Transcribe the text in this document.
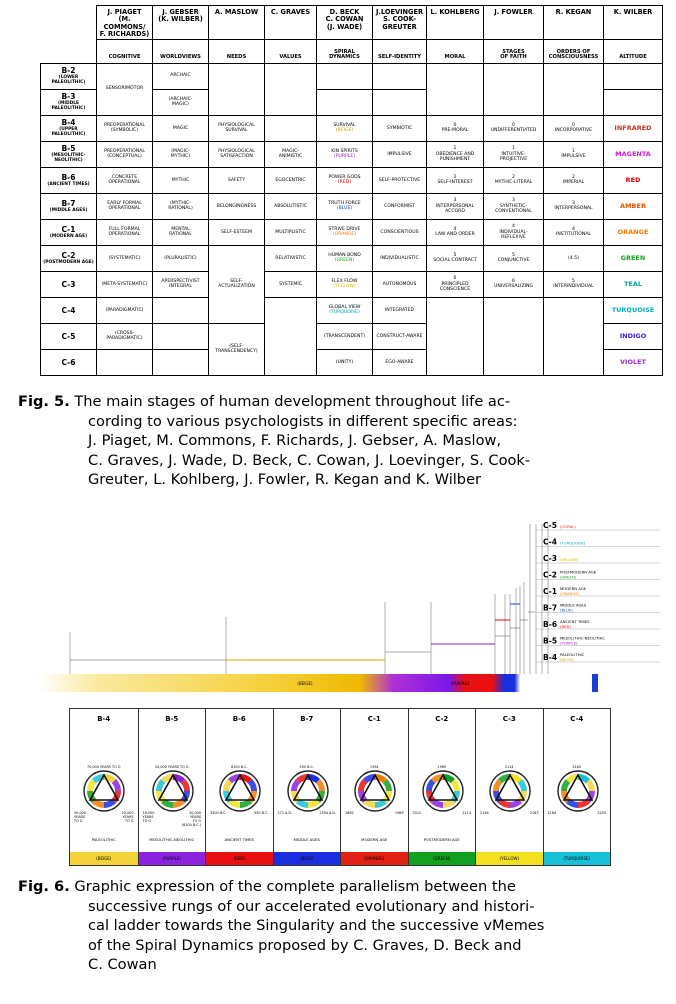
	J. PIAGET
(M. COMMONS/
F. RICHARDS)	J. GEBSER
(K. WILBER)	A. MASLOW	C. GRAVES	D. BECK
C. COWAN
(J. WADE)	J.LOEVINGER
S. COOK-GREUTER	L. KOHLBERG	J. FOWLER	R. KEGAN	K. WILBER
	COGNITIVE	WORLDVIEWS	NEEDS	VALUES	SPIRAL
DYNAMICS	SELF-IDENTITY	MORAL	STAGES
OF FAITH	ORDERS OF
CONSCIOUSNESS	ALTITUDE
B-2
(LOWER
PALEOLITHIC)	SENSORIMOTOR	ARCHAIC								
B-3
(MIDDLE
PALEOLITHIC)		(ARCHAIC-
MAGIC)								
B-4
(UPPER
PALEOLITHIC)	PREOPERATIONAL
(SYMBOLIC)	MAGIC	PHYSIOLOGICAL
SURVIVAL		SURVIVAL
(BEIGE)	SYMBIOTIC	0
PRE-MORAL	0
UNDIFFERENTIATED	0
INCORPORATIVE	INFRARED
B-5
(MESOLITHIC-
NEOLITHIC)	PREOPERATIONAL
(CONCEPTUAL)	(MAGIC-
MYTHIC)	PHYSIOLOGICAL
SATISFACTION	MAGIC-
ANIMISTIC	KIN SPIRITS
(PURPLE)	IMPULSIVE	1
OBEDIENCE AND
PUNISHMENT	1
INTUITIVE-
PROJECTIVE	1
IMPULSIVE	MAGENTA
B-6
(ANCIENT TIMES)	CONCRETE
OPERATIONAL	MYTHIC	SAFETY	EGOCENTRIC	POWER GODS
(RED)	SELF-PROTECTIVE	2
SELF-INTEREST	2
MYTHIC-LITERAL	2
IMPERIAL	RED
B-7
(MIDDLE AGES)	EARLY FORMAL
OPERATIONAL	(MYTHIC-
RATIONAL)	BELONGINGNESS	ABSOLUTISTIC	TRUTH FORCE
(BLUE)	CONFORMIST	3
INTERPERSONAL
ACCORD	3
SYNTHETIC-
CONVENTIONAL	3
INTERPERSONAL	AMBER
C-1
(MODERN AGE)	FULL FORMAL
OPERATIONAL	MENTAL
RATIONAL	SELF-ESTEEM	MULTIPLISTIC	STRIVE DRIVE
(ORANGE)	CONSCIENTIOUS	4
LAW AND ORDER	4
INDIVIDUAL-
REFLEXIVE	4
INSTITUTIONAL	ORANGE
C-2
(POSTMODERN AGE)	(SYSTEMATIC)	(PLURALISTIC)	SELF-
ACTUALIZATION	RELATIVISTIC	HUMAN BOND
(GREEN)	INDIVIDUALISTIC	5
SOCIAL CONTRACT	5
CONJUNCTIVE	(4.5)	GREEN
C-3	(META-SYSTEMATIC)	APERSPECTIVIST
INTEGRAL		SYSTEMIC	FLEX FLOW
(YELLOW)	AUTONOMOUS	6
PRINCIPLED
CONSCIENCE	6
UNIVERSALIZING	5
INTERINDIVIDUAL	TEAL
C-4	(PARADIGMATIC)				GLOBAL VIEW
(TURQUOISE)	INTEGRATED				TURQUOISE
C-5	(CROSS-PARADIGMATIC)		(SELF-
TRANSCENDENCY)		(TRANSCENDENT)	CONSTRUCT-AWARE				INDIGO
C-6					(UNITY)	EGO-AWARE				VIOLET
Fig. 5. The main stages of human development throughout life ac-
cording to various psychologists in different specific areas:
J. Piaget, M. Commons, F. Richards, J. Gebser, A. Maslow,
C. Graves, J. Wade, D. Beck, C. Cowan, J. Loevinger, S. Cook-
Greuter, L. Kohlberg, J. Fowler, R. Kegan and K. Wilber
(BEIGE)	(PURPLE)	(RED)
C-5 (CORAL)
C-4 (TURQUOISE)
C-3 (YELLOW)
C-2 POSTMODERN AGE
(GREEN)
C-1 MODERN AGE
(ORANGE)
B-7 MIDDLE AGES
(BLUE)
B-6 ANCIENT TIMES
(RED)
B-5 MESOLITHIC-NEOLITHIC
(PURPLE)
B-4 PALEOLITHIC
(BEIGE)
B-4
70,000 YEARS TO G
50,000
YEARS
TO G
20,000
YEARS
TO G
PALEOLITHIC
(BEIGE)
B-5
20,000 YEARS TO G
16,000
YEARS
TO G
10,000
YEARS
TO G
(8100 B.C.)
MESOLITHIC-NEOLITHIC
(PURPLE)
B-6
8100 B.C.
3300 B.C.	550 B.C.
ANCIENT TIMES
(RED)
B-7
550 B.C.
271 A.D.	1394 A.D.
MIDDLE AGES
(BLUE)
C-1
1394
1862	1969
MODERN AGE
(ORANGE)
C-2
1969
2012	2114
POSTMODERN AGE
(GREEN)
C-3
2114
2146	2163
(YELLOW)
C-4
2163
2184	2205
(TURQUOISE)
Fig. 6. Graphic expression of the complete parallelism between the
successive rungs of our accelerated evolutionary and histori-
cal ladder towards the Singularity and the successive vMemes
of the Spiral Dynamics proposed by C. Graves, D. Beck and
C. Cowan
